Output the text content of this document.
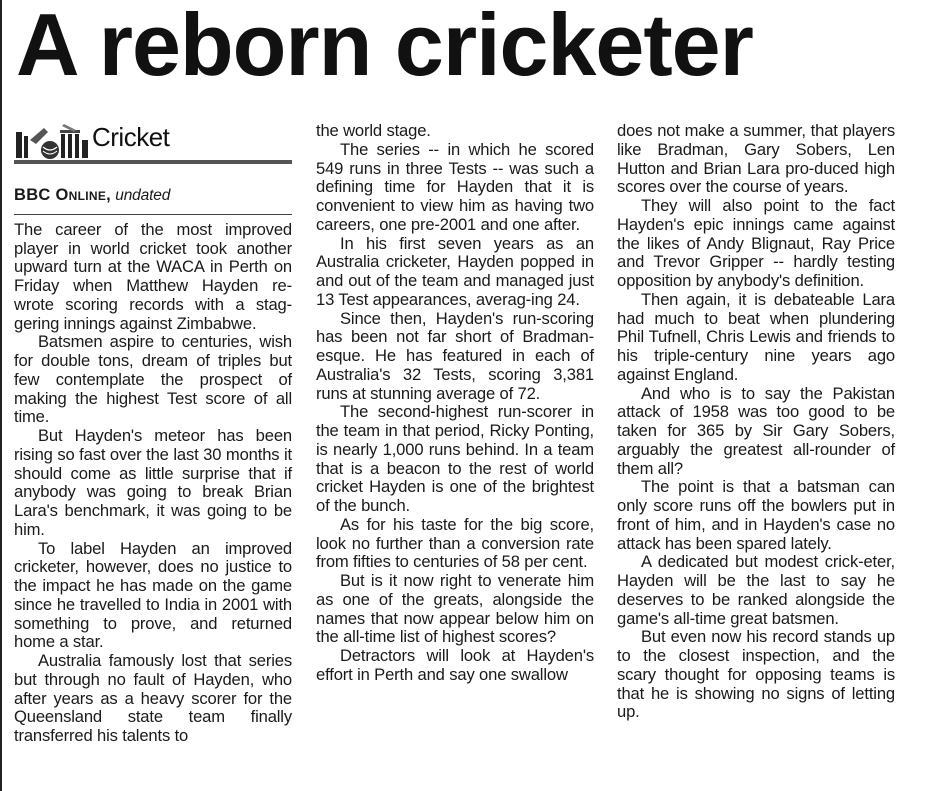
A reborn cricketer
Cricket
BBC Online, undated

The career of the most improved player in world cricket took another upward turn at the WACA in Perth on Friday when Matthew Hayden re-wrote scoring records with a stag-gering innings against Zimbabwe.

Batsmen aspire to centuries, wish for double tons, dream of triples but few contemplate the prospect of making the highest Test score of all time.

But Hayden's meteor has been rising so fast over the last 30 months it should come as little surprise that if anybody was going to break Brian Lara's benchmark, it was going to be him.

To label Hayden an improved cricketer, however, does no justice to the impact he has made on the game since he travelled to India in 2001 with something to prove, and returned home a star.

Australia famously lost that series but through no fault of Hayden, who after years as a heavy scorer for the Queensland state team finally transferred his talents to

the world stage.

The series -- in which he scored 549 runs in three Tests -- was such a defining time for Hayden that it is convenient to view him as having two careers, one pre-2001 and one after.

In his first seven years as an Australia cricketer, Hayden popped in and out of the team and managed just 13 Test appearances, averag-ing 24.

Since then, Hayden's run-scoring has been not far short of Bradman-esque. He has featured in each of Australia's 32 Tests, scoring 3,381 runs at stunning average of 72.

The second-highest run-scorer in the team in that period, Ricky Ponting, is nearly 1,000 runs behind. In a team that is a beacon to the rest of world cricket Hayden is one of the brightest of the bunch.

As for his taste for the big score, look no further than a conversion rate from fifties to centuries of 58 per cent.

But is it now right to venerate him as one of the greats, alongside the names that now appear below him on the all-time list of highest scores?

Detractors will look at Hayden's effort in Perth and say one swallow

does not make a summer, that players like Bradman, Gary Sobers, Len Hutton and Brian Lara pro-duced high scores over the course of years.

They will also point to the fact Hayden's epic innings came against the likes of Andy Blignaut, Ray Price and Trevor Gripper -- hardly testing opposition by anybody's definition.

Then again, it is debateable Lara had much to beat when plundering Phil Tufnell, Chris Lewis and friends to his triple-century nine years ago against England.

And who is to say the Pakistan attack of 1958 was too good to be taken for 365 by Sir Gary Sobers, arguably the greatest all-rounder of them all?

The point is that a batsman can only score runs off the bowlers put in front of him, and in Hayden's case no attack has been spared lately.

A dedicated but modest crick-eter, Hayden will be the last to say he deserves to be ranked alongside the game's all-time great batsmen.

But even now his record stands up to the closest inspection, and the scary thought for opposing teams is that he is showing no signs of letting up.
